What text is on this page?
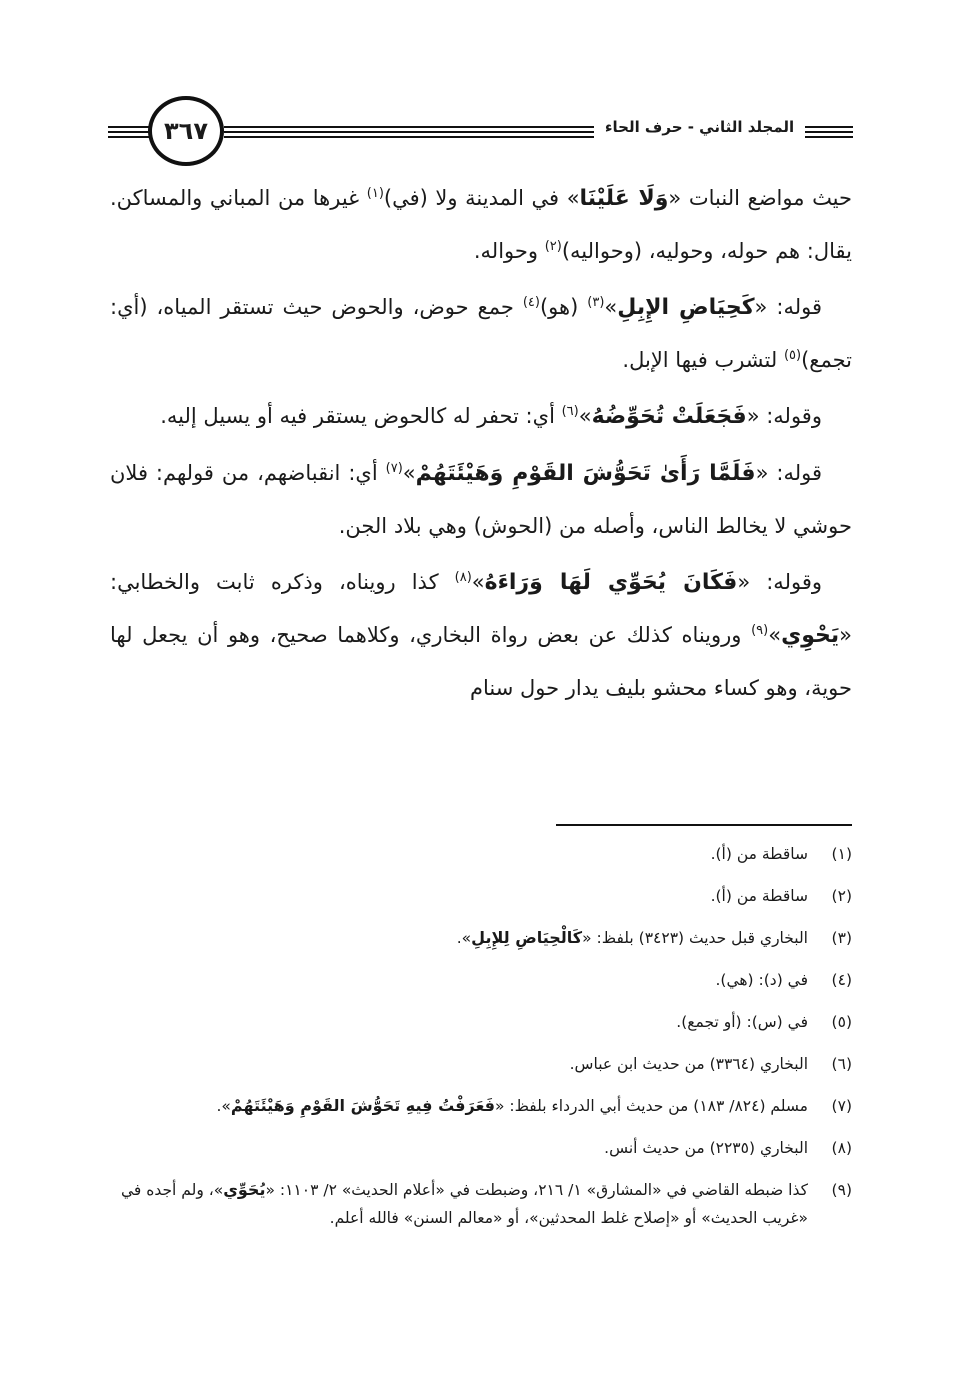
٣٦٧	المجلد الثاني - حرف الحاء

حيث مواضع النبات «وَلَا عَلَيْنَا» في المدينة ولا (في)$^{(١)}$ غيرها من المباني والمساكن. يقال: هم حوله، وحوليه، (وحواليه)$^{(٢)}$ وحواله.

قوله: «كَحِيَاضِ الإِبِلِ»$^{(٣)}$ (هو)$^{(٤)}$ جمع حوض، والحوض حيث تستقر المياه، (أي: تجمع)$^{(٥)}$ لتشرب فيها الإبل.

وقوله: «فَجَعَلَتْ تُحَوِّضُهُ»$^{(٦)}$ أي: تحفر له كالحوض يستقر فيه أو يسيل إليه.

قوله: «فَلَمَّا رَأَىٰ تَحَوُّشَ القَوْمِ وَهَيْئَتَهُمْ»$^{(٧)}$ أي: انقباضهم، من قولهم: فلان حوشي لا يخالط الناس، وأصله من (الحوش) وهي بلاد الجن.

وقوله: «فَكَانَ يُحَوِّي لَهَا وَرَاءَهُ»$^{(٨)}$ كذا رويناه، وذكره ثابت والخطابي: «يَحْوِي»$^{(٩)}$ ورويناه كذلك عن بعض رواة البخاري، وكلاهما صحيح، وهو أن يجعل لها حوية، وهو كساء محشو بليف يدار حول سنام

(١)
ساقطة من (أ).
(٢)
ساقطة من (أ).
(٣)
البخاري قبل حديث (٣٤٢٣) بلفظ: «كَالْحِيَاضِ لِلإِبِلِ».
(٤)
في (د): (هي).
(٥)
في (س): (أو تجمع).
(٦)
البخاري (٣٣٦٤) من حديث ابن عباس.
(٧)
مسلم (٨٢٤/ ١٨٣) من حديث أبي الدرداء بلفظ: «فَعَرَفْتُ فِيهِ تَحَوُّشَ القَوْمِ وَهَيْئَتَهُمْ».
(٨)
البخاري (٢٢٣٥) من حديث أنس.
(٩)
كذا ضبطه القاضي في «المشارق» ١/ ٢١٦، وضبطت في «أعلام الحديث» ٢/ ١١٠٣: «يُحَوِّي»، ولم أجده في «غريب الحديث» أو «إصلاح غلط المحدثين»، أو «معالم السنن» فالله أعلم.
